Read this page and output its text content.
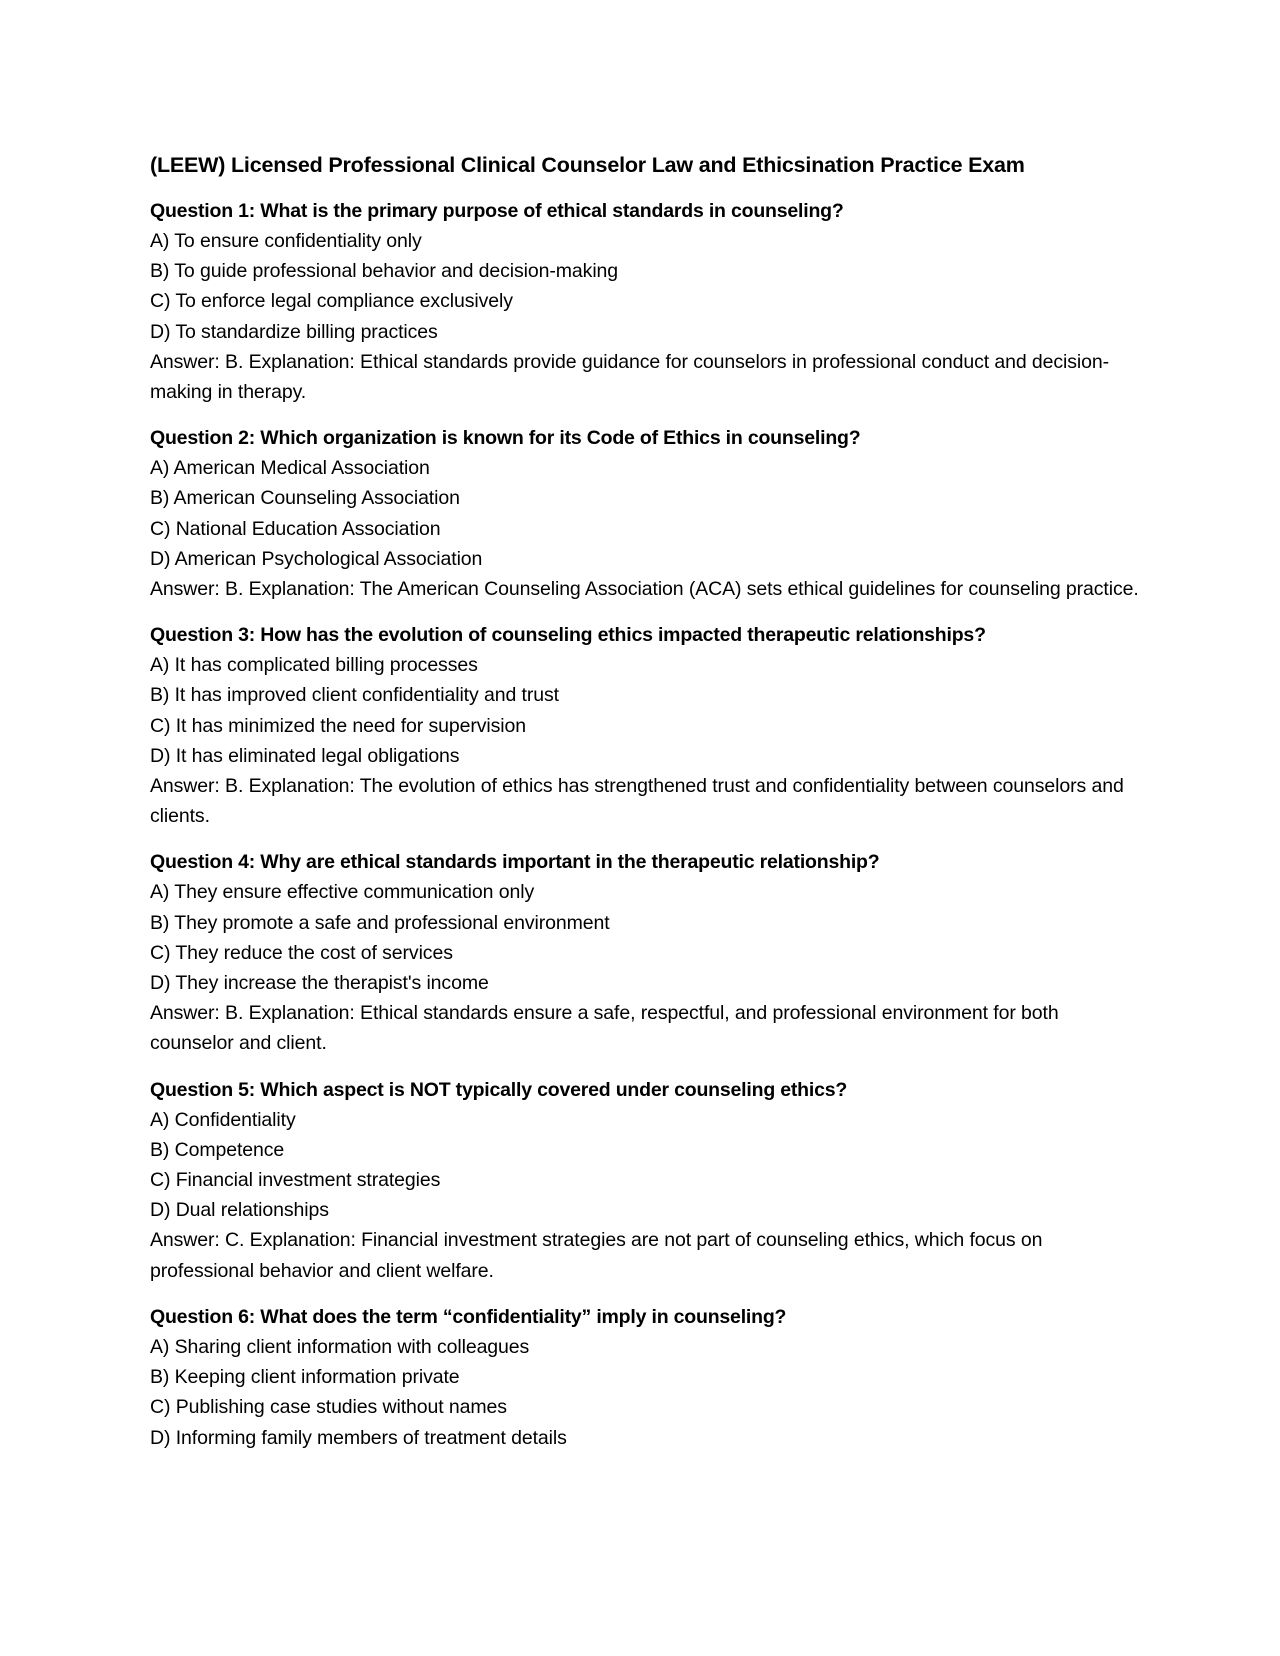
(LEEW) Licensed Professional Clinical Counselor Law and Ethicsination Practice Exam
Question 1: What is the primary purpose of ethical standards in counseling?
A) To ensure confidentiality only
B) To guide professional behavior and decision-making
C) To enforce legal compliance exclusively
D) To standardize billing practices
Answer: B. Explanation: Ethical standards provide guidance for counselors in professional conduct and decision-making in therapy.
Question 2: Which organization is known for its Code of Ethics in counseling?
A) American Medical Association
B) American Counseling Association
C) National Education Association
D) American Psychological Association
Answer: B. Explanation: The American Counseling Association (ACA) sets ethical guidelines for counseling practice.
Question 3: How has the evolution of counseling ethics impacted therapeutic relationships?
A) It has complicated billing processes
B) It has improved client confidentiality and trust
C) It has minimized the need for supervision
D) It has eliminated legal obligations
Answer: B. Explanation: The evolution of ethics has strengthened trust and confidentiality between counselors and clients.
Question 4: Why are ethical standards important in the therapeutic relationship?
A) They ensure effective communication only
B) They promote a safe and professional environment
C) They reduce the cost of services
D) They increase the therapist's income
Answer: B. Explanation: Ethical standards ensure a safe, respectful, and professional environment for both counselor and client.
Question 5: Which aspect is NOT typically covered under counseling ethics?
A) Confidentiality
B) Competence
C) Financial investment strategies
D) Dual relationships
Answer: C. Explanation: Financial investment strategies are not part of counseling ethics, which focus on professional behavior and client welfare.
Question 6: What does the term “confidentiality” imply in counseling?
A) Sharing client information with colleagues
B) Keeping client information private
C) Publishing case studies without names
D) Informing family members of treatment details
